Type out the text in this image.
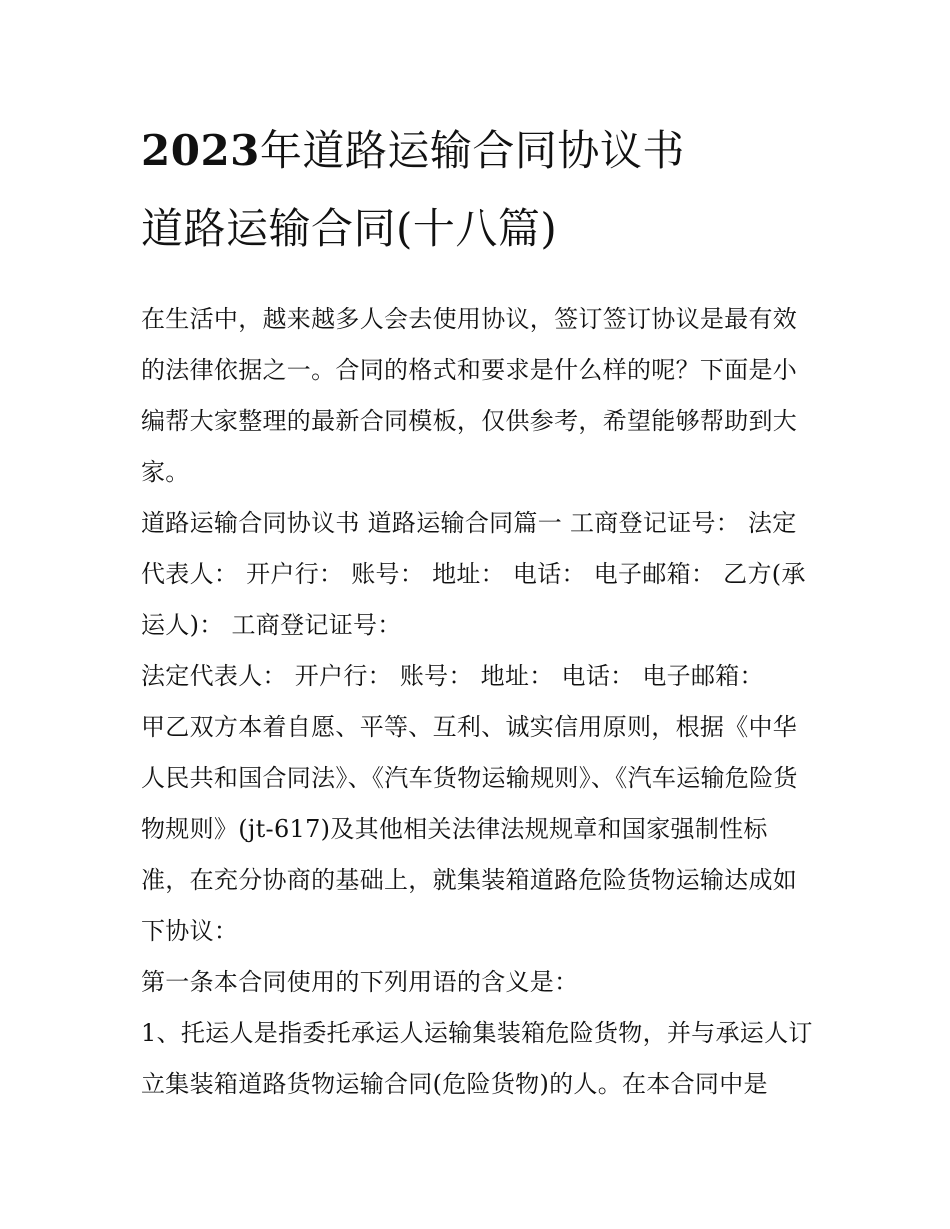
2023年道路运输合同协议书
道路运输合同(十八篇)

在生活中，越来越多人会去使用协议，签订签订协议是最有效的法律依据之一。合同的格式和要求是什么样的呢？下面是小编帮大家整理的最新合同模板，仅供参考，希望能够帮助到大家。

道路运输合同协议书 道路运输合同篇一 工商登记证号： 法定代表人： 开户行： 账号： 地址： 电话： 电子邮箱： 乙方(承运人)： 工商登记证号：

法定代表人： 开户行： 账号： 地址： 电话： 电子邮箱：

甲乙双方本着自愿、平等、互利、诚实信用原则，根据《中华人民共和国合同法》、《汽车货物运输规则》、《汽车运输危险货物规则》(jt-617)及其他相关法律法规规章和国家强制性标准，在充分协商的基础上，就集装箱道路危险货物运输达成如下协议：

第一条本合同使用的下列用语的含义是：

1、托运人是指委托承运人运输集装箱危险货物，并与承运人订立集装箱道路货物运输合同(危险货物)的人。在本合同中是
